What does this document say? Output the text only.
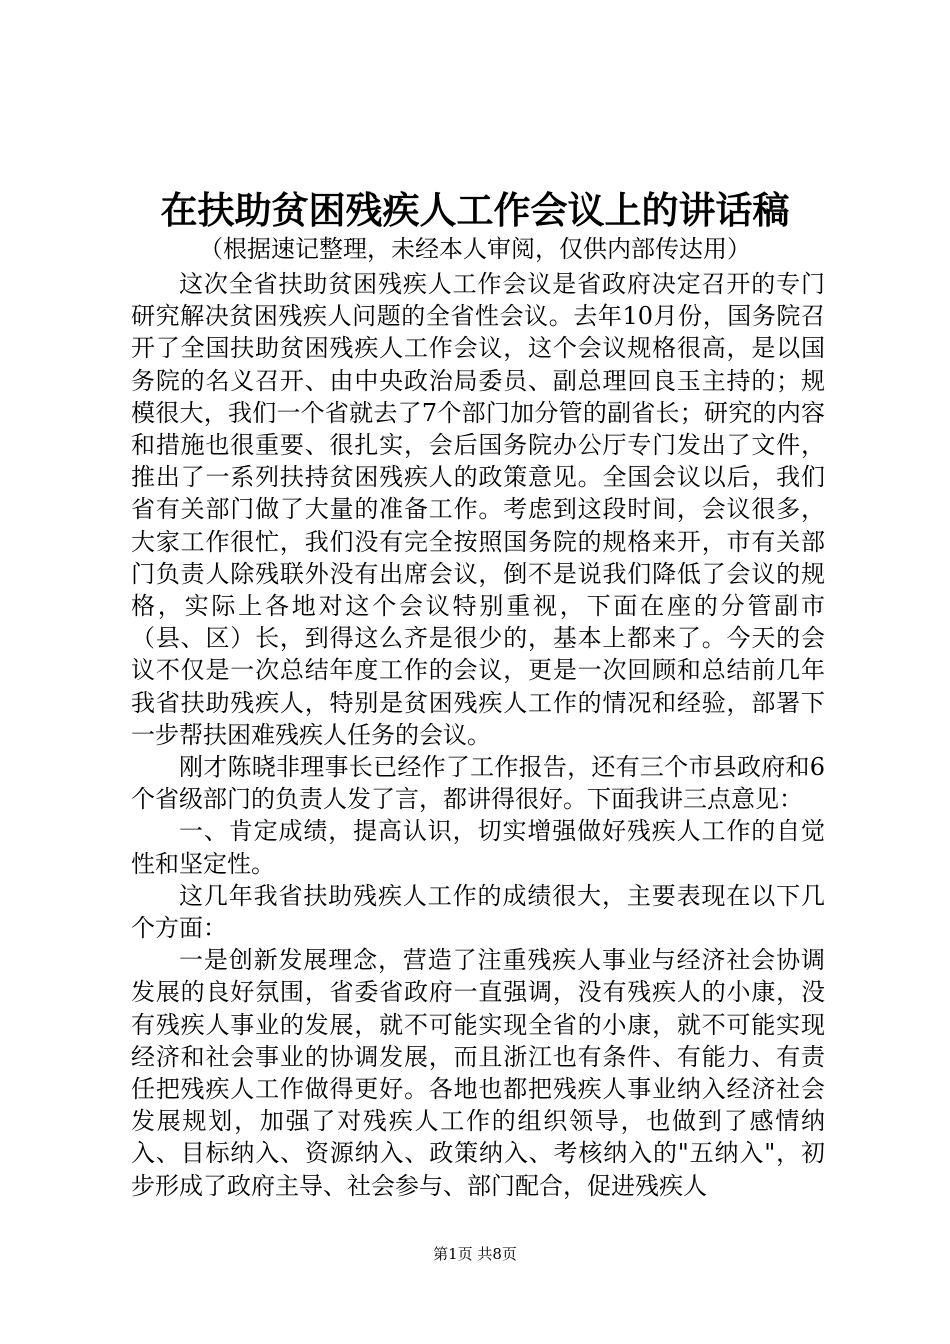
在扶助贫困残疾人工作会议上的讲话稿
（根据速记整理，未经本人审阅，仅供内部传达用）

这次全省扶助贫困残疾人工作会议是省政府决定召开的专门研究解决贫困残疾人问题的全省性会议。去年10月份，国务院召开了全国扶助贫困残疾人工作会议，这个会议规格很高，是以国务院的名义召开、由中央政治局委员、副总理回良玉主持的；规模很大，我们一个省就去了7个部门加分管的副省长；研究的内容和措施也很重要、很扎实，会后国务院办公厅专门发出了文件，推出了一系列扶持贫困残疾人的政策意见。全国会议以后，我们省有关部门做了大量的准备工作。考虑到这段时间，会议很多，大家工作很忙，我们没有完全按照国务院的规格来开，市有关部门负责人除残联外没有出席会议，倒不是说我们降低了会议的规格，实际上各地对这个会议特别重视，下面在座的分管副市（县、区）长，到得这么齐是很少的，基本上都来了。今天的会议不仅是一次总结年度工作的会议，更是一次回顾和总结前几年我省扶助残疾人，特别是贫困残疾人工作的情况和经验，部署下一步帮扶困难残疾人任务的会议。

刚才陈晓非理事长已经作了工作报告，还有三个市县政府和6个省级部门的负责人发了言，都讲得很好。下面我讲三点意见：

一、肯定成绩，提高认识，切实增强做好残疾人工作的自觉性和坚定性。

这几年我省扶助残疾人工作的成绩很大，主要表现在以下几个方面：

一是创新发展理念，营造了注重残疾人事业与经济社会协调发展的良好氛围，省委省政府一直强调，没有残疾人的小康，没有残疾人事业的发展，就不可能实现全省的小康，就不可能实现经济和社会事业的协调发展，而且浙江也有条件、有能力、有责任把残疾人工作做得更好。各地也都把残疾人事业纳入经济社会发展规划，加强了对残疾人工作的组织领导，也做到了感情纳入、目标纳入、资源纳入、政策纳入、考核纳入的"五纳入"，初步形成了政府主导、社会参与、部门配合，促进残疾人

第1页 共8页
